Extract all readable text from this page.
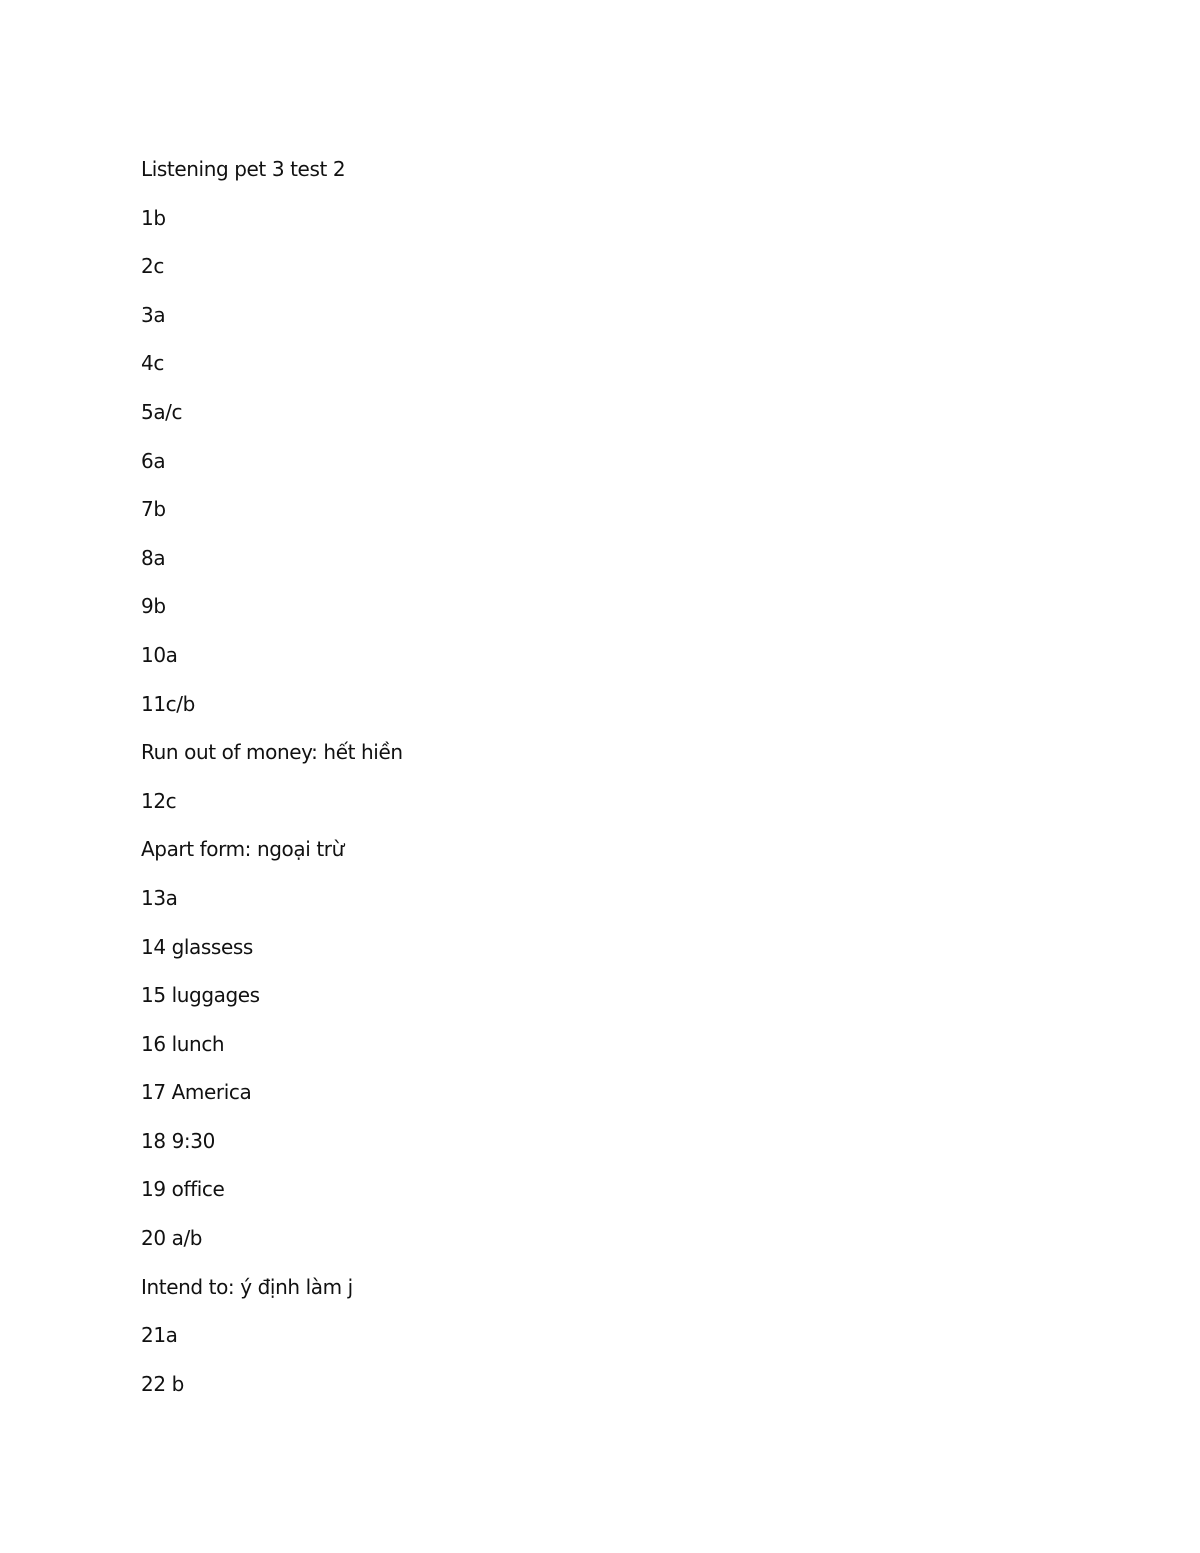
Listening pet 3 test 2
1b
2c
3a
4c
5a/c
6a
7b
8a
9b
10a
11c/b
Run out of money: hết hiền
12c
Apart form: ngoại trừ
13a
14 glassess
15 luggages
16 lunch
17 America
18 9:30
19 office
20 a/b
Intend to: ý định làm j
21a
22 b
